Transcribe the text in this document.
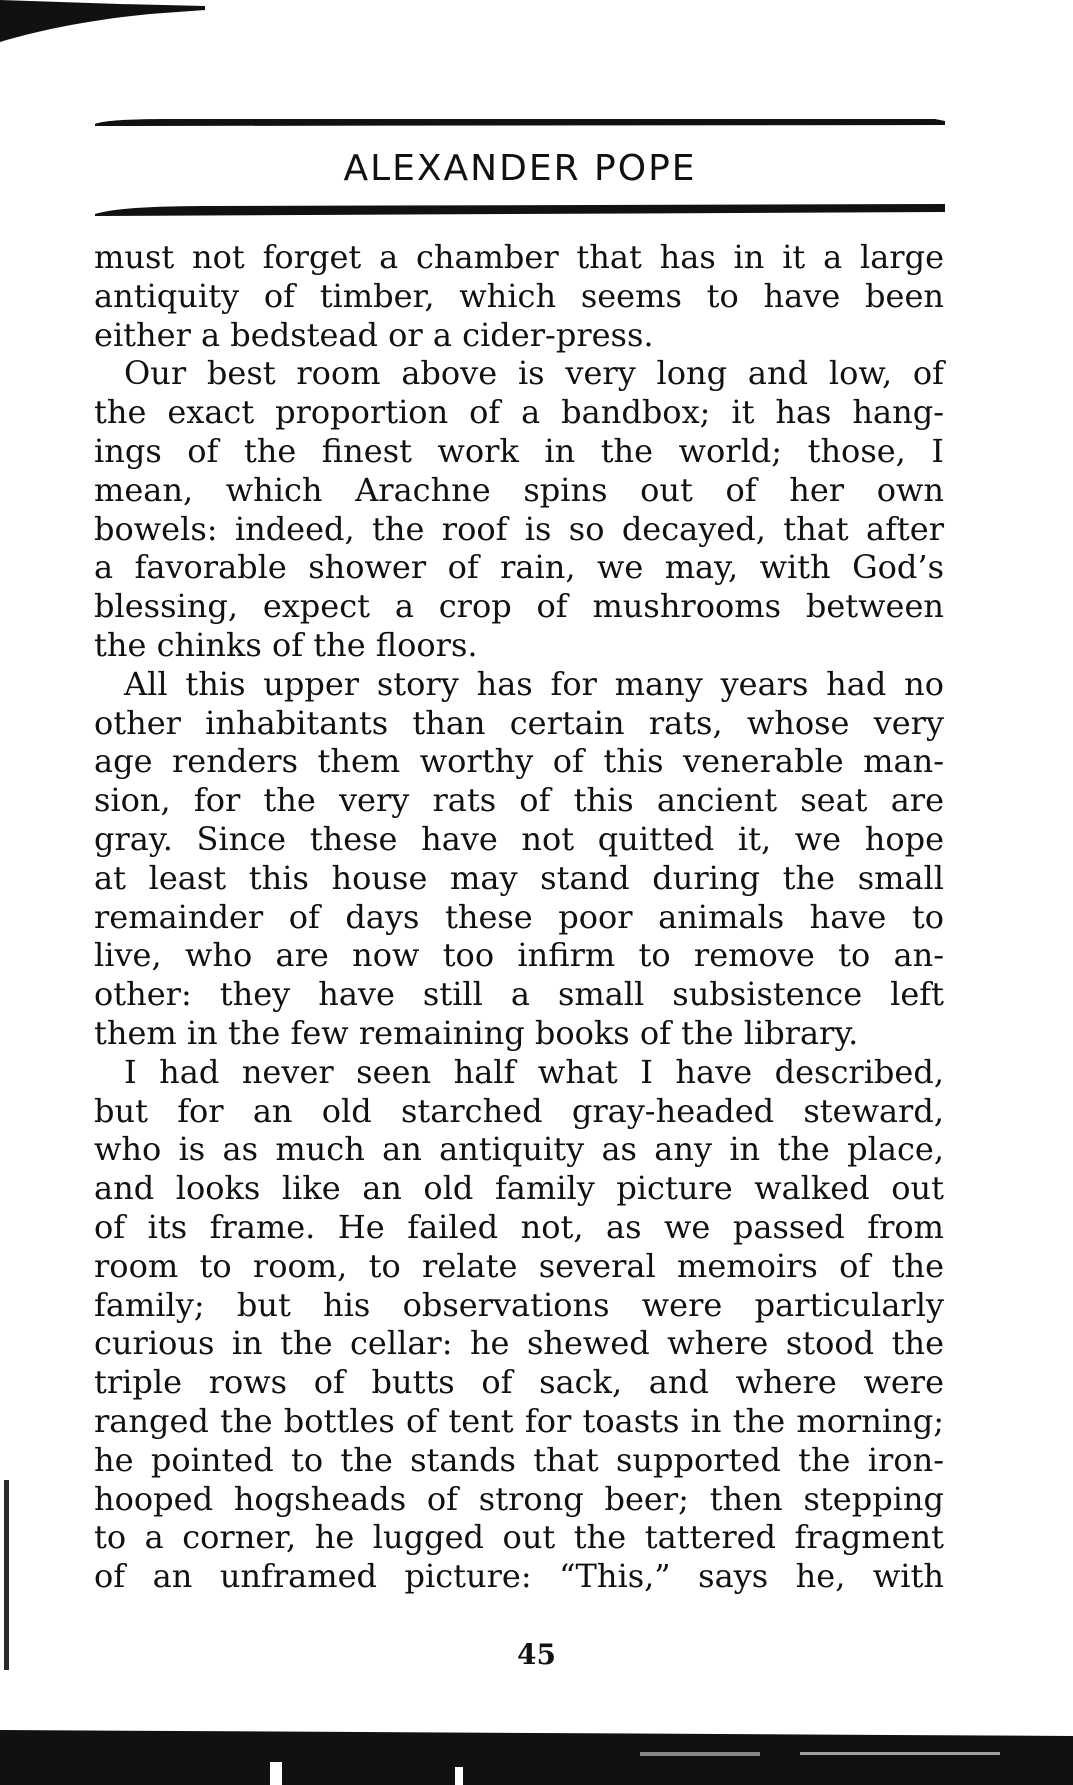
ALEXANDER POPE
must not forget a chamber that has in it a large
antiquity of timber, which seems to have been
either a bedstead or a cider-press.
Our best room above is very long and low, of
the exact proportion of a bandbox; it has hang-
ings of the finest work in the world; those, I
mean, which Arachne spins out of her own
bowels: indeed, the roof is so decayed, that after
a favorable shower of rain, we may, with God’s
blessing, expect a crop of mushrooms between
the chinks of the floors.
All this upper story has for many years had no
other inhabitants than certain rats, whose very
age renders them worthy of this venerable man-
sion, for the very rats of this ancient seat are
gray. Since these have not quitted it, we hope
at least this house may stand during the small
remainder of days these poor animals have to
live, who are now too infirm to remove to an-
other: they have still a small subsistence left
them in the few remaining books of the library.
I had never seen half what I have described,
but for an old starched gray-headed steward,
who is as much an antiquity as any in the place,
and looks like an old family picture walked out
of its frame. He failed not, as we passed from
room to room, to relate several memoirs of the
family; but his observations were particularly
curious in the cellar: he shewed where stood the
triple rows of butts of sack, and where were
ranged the bottles of tent for toasts in the morning;
he pointed to the stands that supported the iron-
hooped hogsheads of strong beer; then stepping
to a corner, he lugged out the tattered fragment
of an unframed picture: “This,” says he, with
45
